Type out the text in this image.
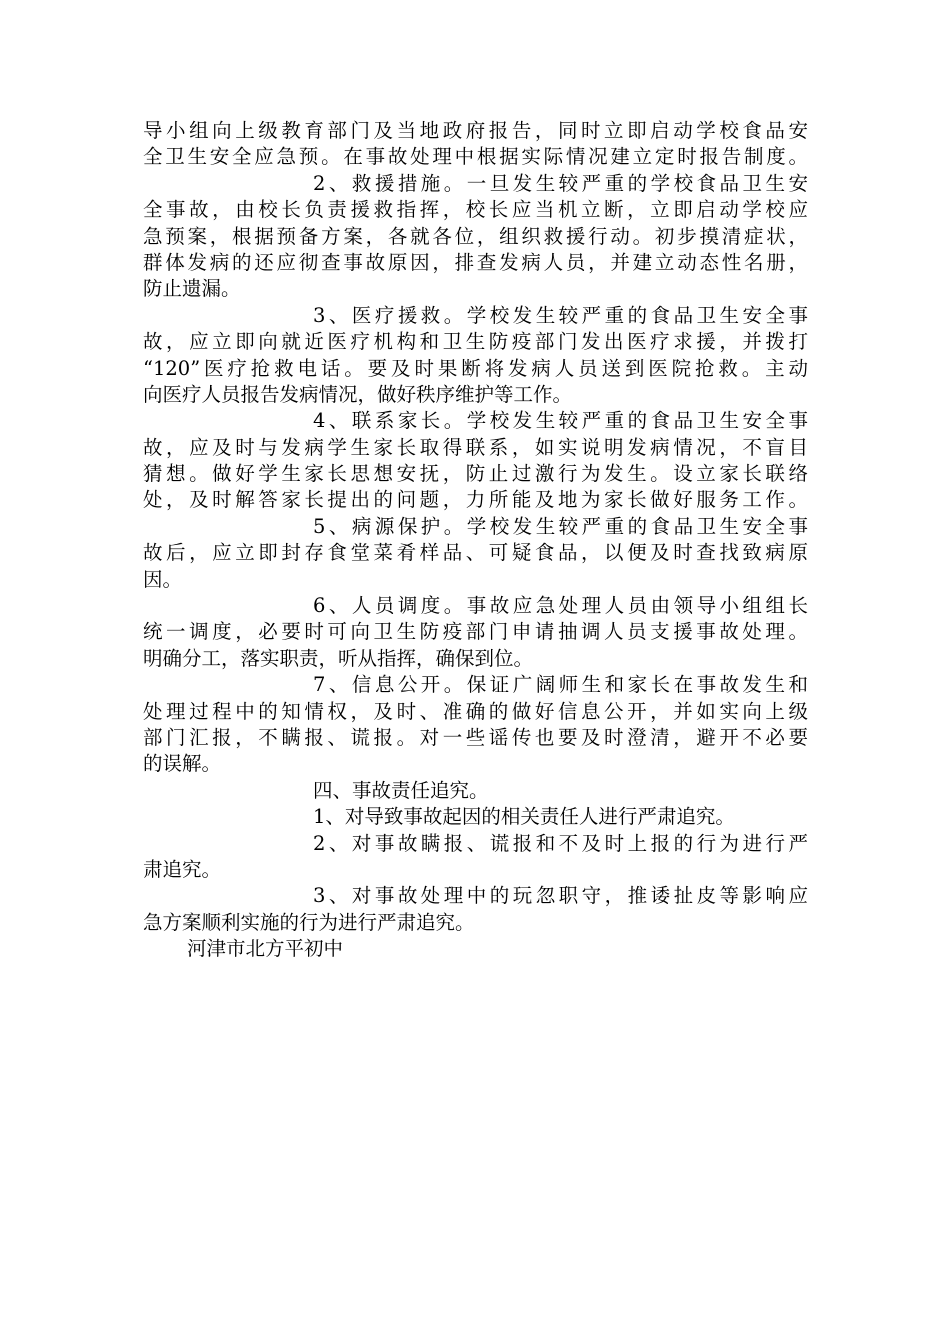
导小组向上级教育部门及当地政府报告，同时立即启动学校食品安
全卫生安全应急预。在事故处理中根据实际情况建立定时报告制度。
2、救援措施。一旦发生较严重的学校食品卫生安
全事故，由校长负责援救指挥，校长应当机立断，立即启动学校应
急预案，根据预备方案，各就各位，组织救援行动。初步摸清症状，
群体发病的还应彻查事故原因，排查发病人员，并建立动态性名册，
防止遗漏。
3、医疗援救。学校发生较严重的食品卫生安全事
故，应立即向就近医疗机构和卫生防疫部门发出医疗求援，并拨打
“120”医疗抢救电话。要及时果断将发病人员送到医院抢救。主动
向医疗人员报告发病情况，做好秩序维护等工作。
4、联系家长。学校发生较严重的食品卫生安全事
故，应及时与发病学生家长取得联系，如实说明发病情况，不盲目
猜想。做好学生家长思想安抚，防止过激行为发生。设立家长联络
处，及时解答家长提出的问题，力所能及地为家长做好服务工作。
5、病源保护。学校发生较严重的食品卫生安全事
故后，应立即封存食堂菜肴样品、可疑食品，以便及时查找致病原
因。
6、人员调度。事故应急处理人员由领导小组组长
统一调度，必要时可向卫生防疫部门申请抽调人员支援事故处理。
明确分工，落实职责，听从指挥，确保到位。
7、信息公开。保证广阔师生和家长在事故发生和
处理过程中的知情权，及时、准确的做好信息公开，并如实向上级
部门汇报，不瞒报、谎报。对一些谣传也要及时澄清，避开不必要
的误解。
四、事故责任追究。
1、对导致事故起因的相关责任人进行严肃追究。
2、对事故瞒报、谎报和不及时上报的行为进行严
肃追究。
3、对事故处理中的玩忽职守，推诿扯皮等影响应
急方案顺利实施的行为进行严肃追究。
河津市北方平初中
